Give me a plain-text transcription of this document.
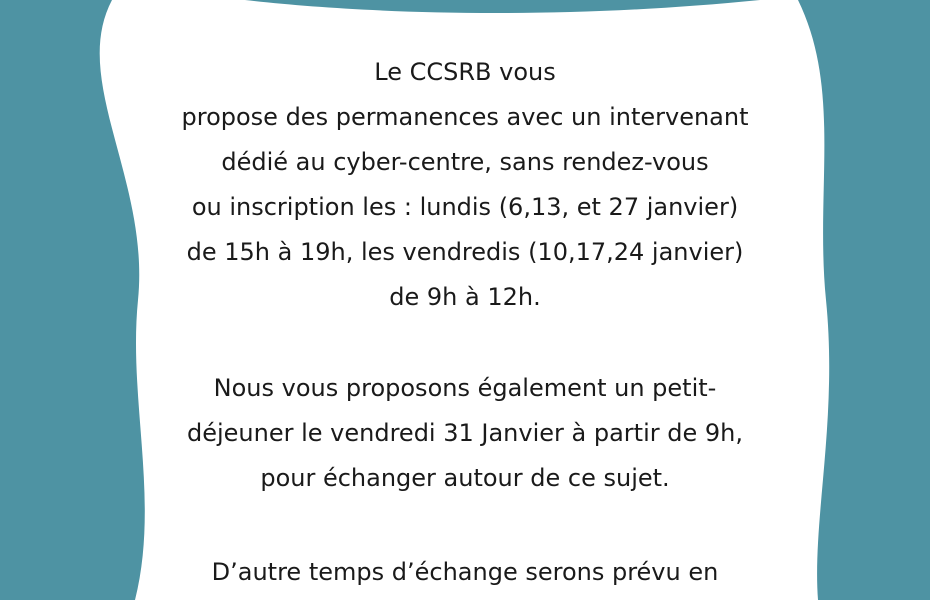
Le CCSRB vous
propose des permanences avec un intervenant
dédié au cyber-centre, sans rendez-vous
ou inscription les : lundis (6,13, et 27 janvier)
de 15h à 19h, les vendredis (10,17,24 janvier)
de 9h à 12h.

Nous vous proposons également un petit-
déjeuner le vendredi 31 Janvier à partir de 9h,
pour échanger autour de ce sujet.

D’autre temps d’échange serons prévu en
